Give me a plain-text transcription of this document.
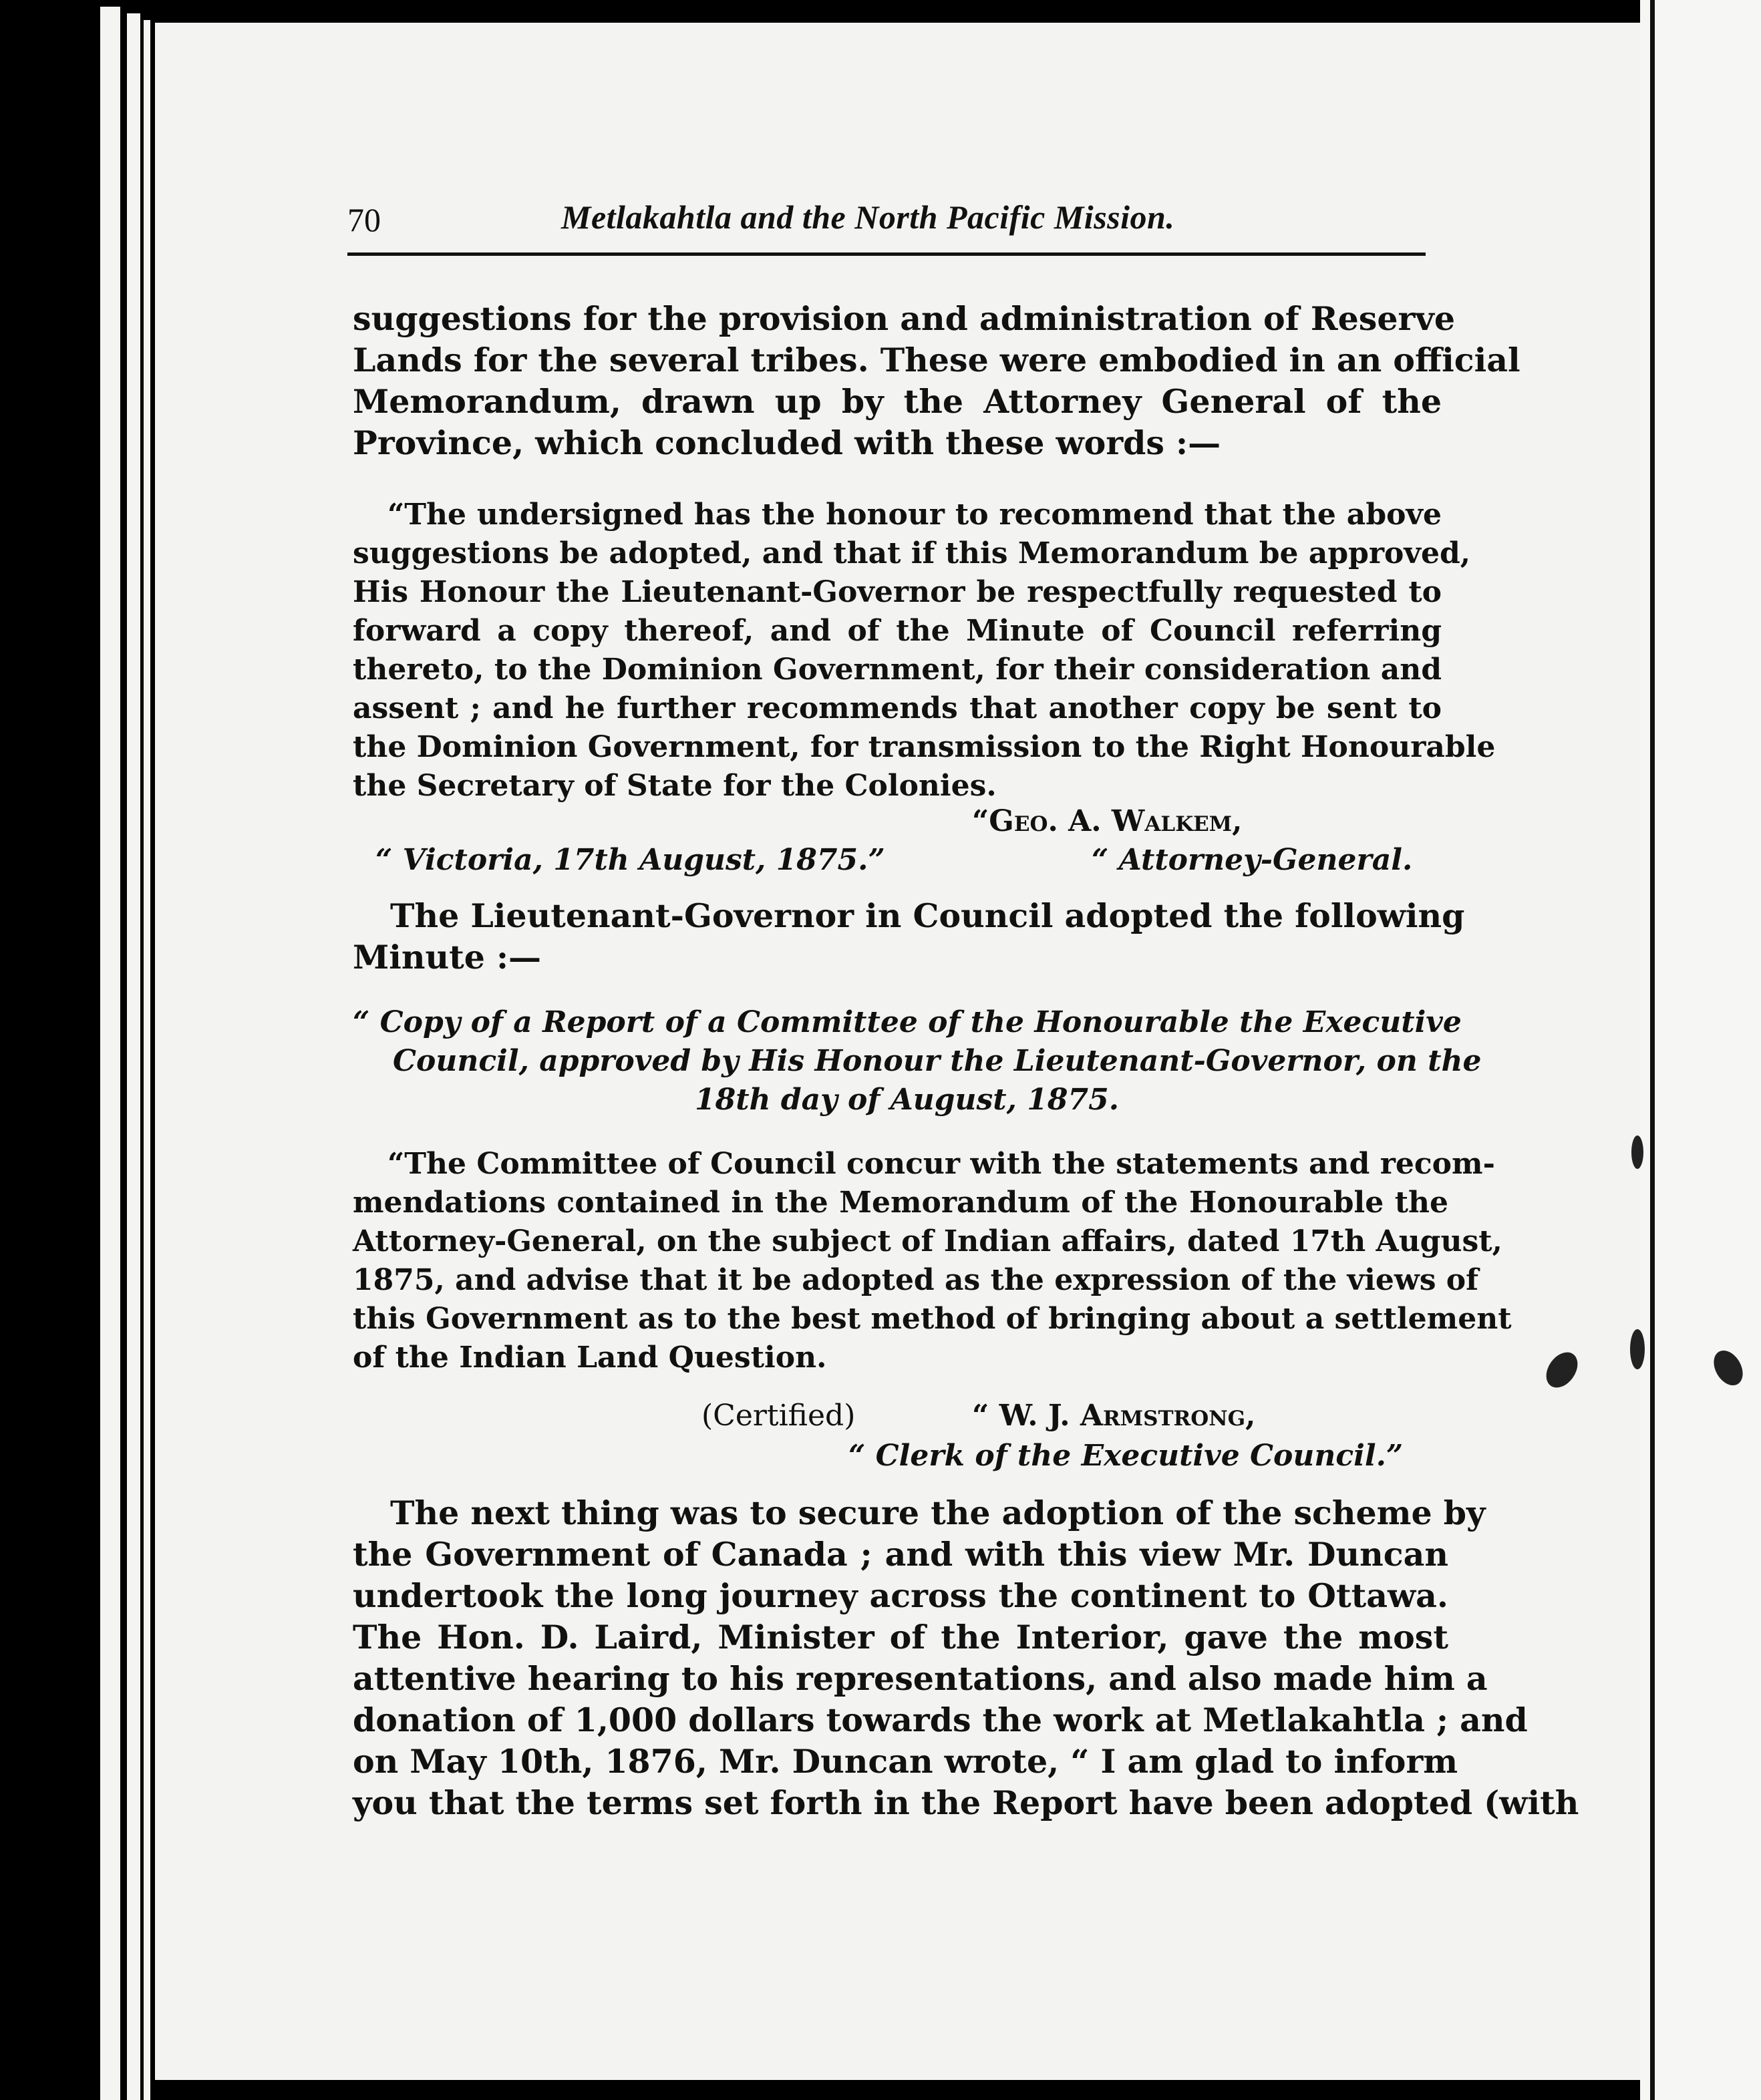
70	Metlakahtla and the North Pacific Mission.
suggestions for the provision and administration of Reserve
Lands for the several tribes. These were embodied in an official
Memorandum, drawn up by the Attorney General of the
Province, which concluded with these words :—
“The undersigned has the honour to recommend that the above
suggestions be adopted, and that if this Memorandum be approved,
His Honour the Lieutenant-Governor be respectfully requested to
forward a copy thereof, and of the Minute of Council referring
thereto, to the Dominion Government, for their consideration and
assent ; and he further recommends that another copy be sent to
the Dominion Government, for transmission to the Right Honourable
the Secretary of State for the Colonies.
“Geo. A. Walkem,
“ Victoria, 17th August, 1875.”	“ Attorney-General.
The Lieutenant-Governor in Council adopted the following
Minute :—
“ Copy of a Report of a Committee of the Honourable the Executive
Council, approved by His Honour the Lieutenant-Governor, on the
18th day of August, 1875.
“The Committee of Council concur with the statements and recom-
mendations contained in the Memorandum of the Honourable the
Attorney-General, on the subject of Indian affairs, dated 17th August,
1875, and advise that it be adopted as the expression of the views of
this Government as to the best method of bringing about a settlement
of the Indian Land Question.
(Certified)	“ W. J. Armstrong,
“ Clerk of the Executive Council.”
The next thing was to secure the adoption of the scheme by
the Government of Canada ; and with this view Mr. Duncan
undertook the long journey across the continent to Ottawa.
The Hon. D. Laird, Minister of the Interior, gave the most
attentive hearing to his representations, and also made him a
donation of 1,000 dollars towards the work at Metlakahtla ; and
on May 10th, 1876, Mr. Duncan wrote, “ I am glad to inform
you that the terms set forth in the Report have been adopted (with
